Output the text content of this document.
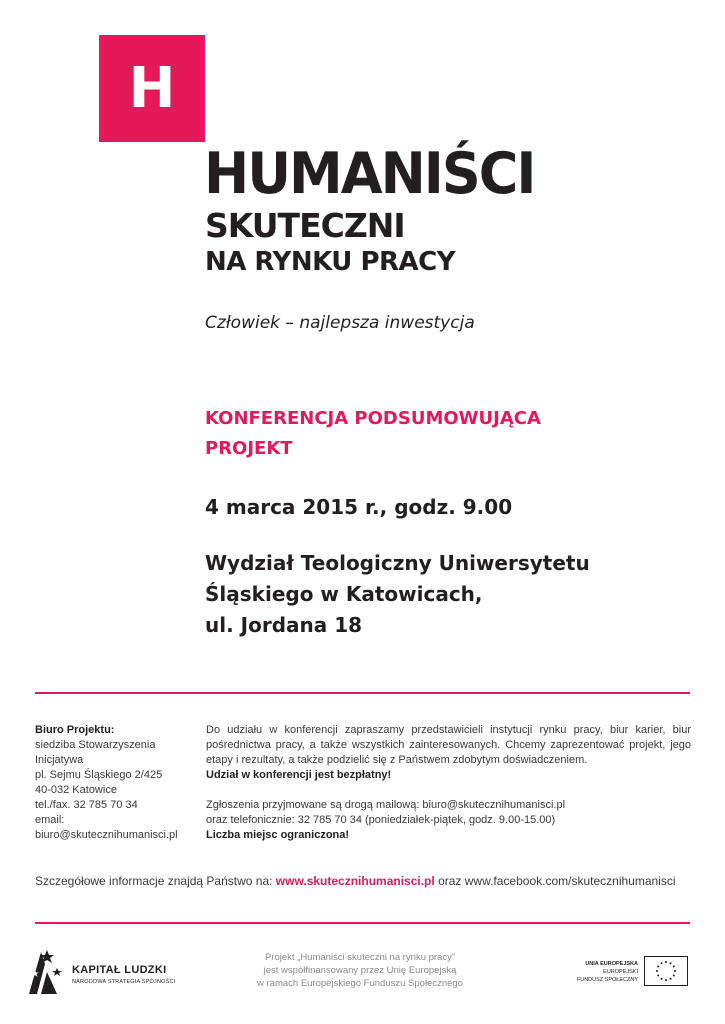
H
HUMANIŚCI
SKUTECZNI
NA RYNKU PRACY
Człowiek – najlepsza inwestycja
KONFERENCJA PODSUMOWUJĄCA
PROJEKT
4 marca 2015 r., godz. 9.00
Wydział Teologiczny Uniwersytetu
Śląskiego w Katowicach,
ul. Jordana 18
Biuro Projektu:
siedziba Stowarzyszenia
Inicjatywa
pl. Sejmu Śląskiego 2/425
40-032 Katowice
tel./fax. 32 785 70 34
email:
biuro@skutecznihumanisci.pl
Do udziału w konferencji zapraszamy przedstawicieli instytucji rynku pracy, biur karier, biur pośrednictwa pracy, a także wszystkich zainteresowanych. Chcemy zaprezentować projekt, jego etapy i rezultaty, a także podzielić się z Państwem zdobytym doświadczeniem.
Udział w konferencji jest bezpłatny!
Zgłoszenia przyjmowane są drogą mailową: biuro@skutecznihumanisci.pl
oraz telefonicznie: 32 785 70 34 (poniedziałek-piątek, godz. 9.00-15.00)
Liczba miejsc ograniczona!
Szczegółowe informacje znajdą Państwo na: www.skutecznihumanisci.pl oraz www.facebook.com/skutecznihumanisci
KAPITAŁ LUDZKI
NARODOWA STRATEGIA SPÓJNOŚCI
Projekt „Humaniści skuteczni na rynku pracy”
jest współfinansowany przez Unię Europejską
w ramach Europejskiego Funduszu Społecznego
UNIA EUROPEJSKA
EUROPEJSKI
FUNDUSZ SPOŁECZNY
